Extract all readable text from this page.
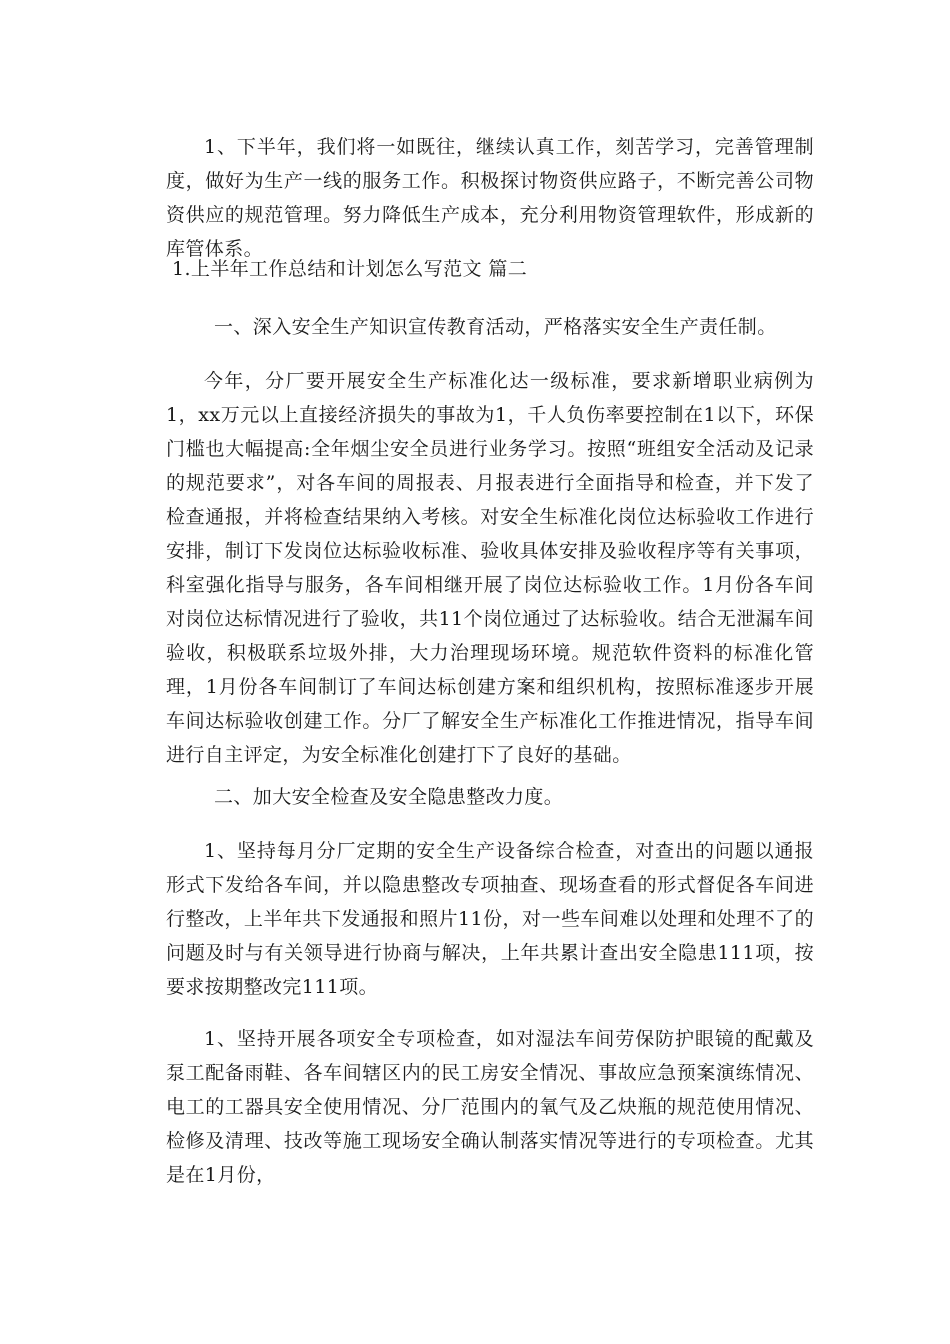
1、下半年，我们将一如既往，继续认真工作，刻苦学习，完善管理制度，做好为生产一线的服务工作。积极探讨物资供应路子，不断完善公司物资供应的规范管理。努力降低生产成本，充分利用物资管理软件，形成新的库管体系。

1.上半年工作总结和计划怎么写范文 篇二

一、深入安全生产知识宣传教育活动，严格落实安全生产责任制。

今年，分厂要开展安全生产标准化达一级标准，要求新增职业病例为1，xx万元以上直接经济损失的事故为1，千人负伤率要控制在1以下，环保门槛也大幅提高:全年烟尘安全员进行业务学习。按照“班组安全活动及记录的规范要求”，对各车间的周报表、月报表进行全面指导和检查，并下发了检查通报，并将检查结果纳入考核。对安全生标准化岗位达标验收工作进行安排，制订下发岗位达标验收标准、验收具体安排及验收程序等有关事项，科室强化指导与服务，各车间相继开展了岗位达标验收工作。1月份各车间对岗位达标情况进行了验收，共11个岗位通过了达标验收。结合无泄漏车间验收，积极联系垃圾外排，大力治理现场环境。规范软件资料的标准化管理，1月份各车间制订了车间达标创建方案和组织机构，按照标准逐步开展车间达标验收创建工作。分厂了解安全生产标准化工作推进情况，指导车间进行自主评定，为安全标准化创建打下了良好的基础。

二、加大安全检查及安全隐患整改力度。

1、坚持每月分厂定期的安全生产设备综合检查，对查出的问题以通报形式下发给各车间，并以隐患整改专项抽查、现场查看的形式督促各车间进行整改，上半年共下发通报和照片11份，对一些车间难以处理和处理不了的问题及时与有关领导进行协商与解决，上年共累计查出安全隐患111项，按要求按期整改完111项。

1、坚持开展各项安全专项检查，如对湿法车间劳保防护眼镜的配戴及泵工配备雨鞋、各车间辖区内的民工房安全情况、事故应急预案演练情况、电工的工器具安全使用情况、分厂范围内的氧气及乙炔瓶的规范使用情况、检修及清理、技改等施工现场安全确认制落实情况等进行的专项检查。尤其是在1月份，
